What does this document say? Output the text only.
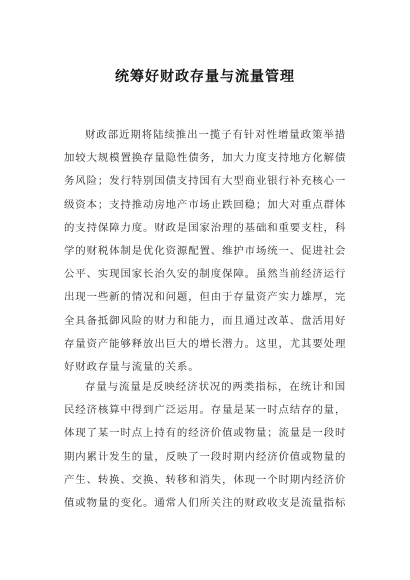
统筹好财政存量与流量管理
财政部近期将陆续推出一揽子有针对性增量政策举措
加较大规模置换存量隐性债务，加大力度支持地方化解债
务风险；发行特别国债支持国有大型商业银行补充核心一
级资本；支持推动房地产市场止跌回稳；加大对重点群体
的支持保障力度。财政是国家治理的基础和重要支柱，科
学的财税体制是优化资源配置、维护市场统一、促进社会
公平、实现国家长治久安的制度保障。虽然当前经济运行
出现一些新的情况和问题，但由于存量资产实力雄厚，完
全具备抵御风险的财力和能力，而且通过改革、盘活用好
存量资产能够释放出巨大的增长潜力。这里，尤其要处理
好财政存量与流量的关系。
存量与流量是反映经济状况的两类指标，在统计和国
民经济核算中得到广泛运用。存量是某一时点结存的量，
体现了某一时点上持有的经济价值或物量；流量是一段时
期内累计发生的量，反映了一段时期内经济价值或物量的
产生、转换、交换、转移和消失，体现一个时期内经济价
值或物量的变化。通常人们所关注的财政收支是流量指标
